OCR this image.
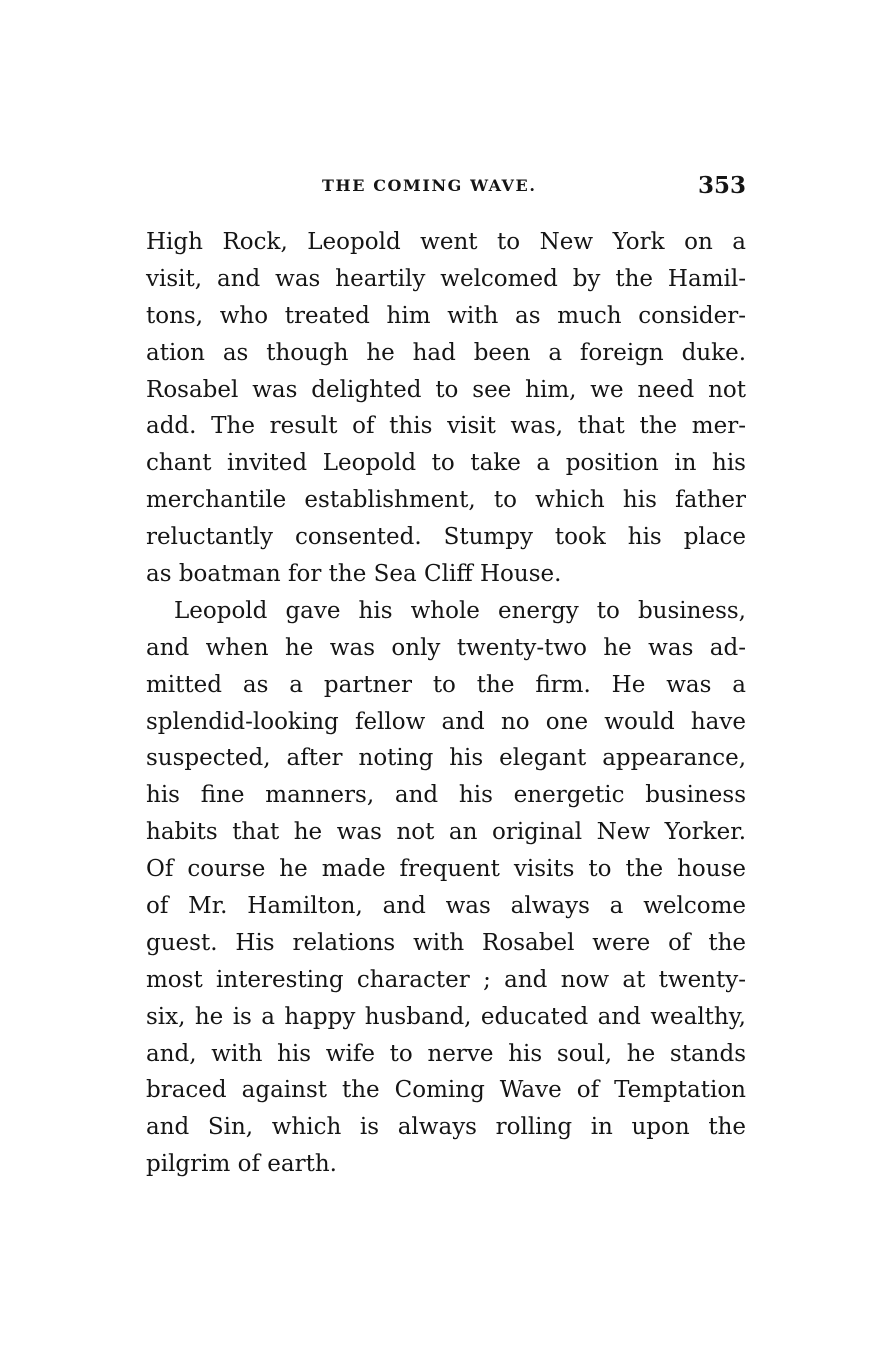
THE COMING WAVE.	353
High Rock, Leopold went to New York on a
visit, and was heartily welcomed by the Hamil-
tons, who treated him with as much consider-
ation as though he had been a foreign duke.
Rosabel was delighted to see him, we need not
add. The result of this visit was, that the mer-
chant invited Leopold to take a position in his
merchantile establishment, to which his father
reluctantly consented. Stumpy took his place
as boatman for the Sea Cliff House.
Leopold gave his whole energy to business,
and when he was only twenty-two he was ad-
mitted as a partner to the firm. He was a
splendid-looking fellow and no one would have
suspected, after noting his elegant appearance,
his fine manners, and his energetic business
habits that he was not an original New Yorker.
Of course he made frequent visits to the house
of Mr. Hamilton, and was always a welcome
guest. His relations with Rosabel were of the
most interesting character ; and now at twenty-
six, he is a happy husband, educated and wealthy,
and, with his wife to nerve his soul, he stands
braced against the Coming Wave of Temptation
and Sin, which is always rolling in upon the
pilgrim of earth.
